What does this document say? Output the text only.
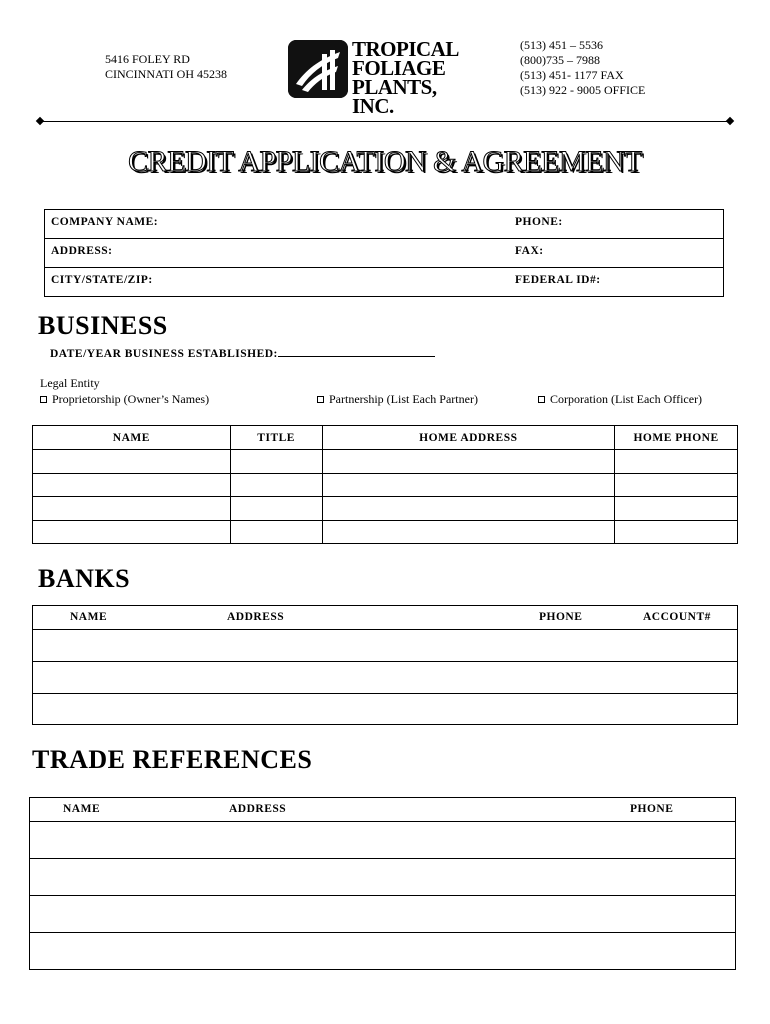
5416 FOLEY RD
CINCINNATI OH 45238
TROPICAL
FOLIAGE
PLANTS, INC.
(513) 451 – 5536
(800)735 – 7988
(513) 451- 1177 FAX
(513) 922 - 9005 OFFICE
CREDIT APPLICATION & AGREEMENT
COMPANY NAME:	PHONE:
ADDRESS:	FAX:
CITY/STATE/ZIP:	FEDERAL ID#:
BUSINESS
DATE/YEAR BUSINESS ESTABLISHED:
Legal Entity
Proprietorship (Owner’s Names)	Partnership (List Each Partner)	Corporation (List Each Officer)
NAME	TITLE	HOME ADDRESS	HOME PHONE

BANKS
NAME	ADDRESS	PHONE	ACCOUNT#
TRADE REFERENCES
NAME	ADDRESS	PHONE
